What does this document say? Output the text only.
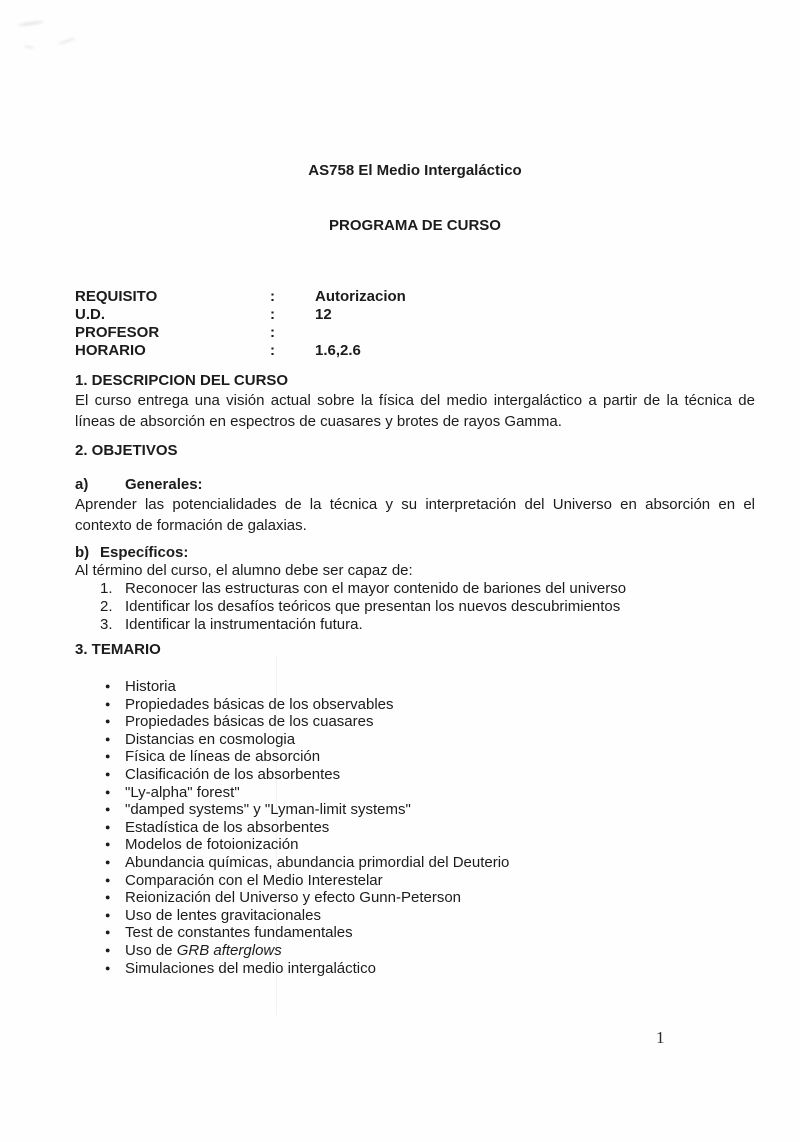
AS758 El Medio Intergaláctico
PROGRAMA DE CURSO
REQUISITO	:	Autorizacion
U.D.	:	12
PROFESOR	:
HORARIO	:	1.6,2.6
1. DESCRIPCION DEL CURSO

El curso entrega una visión actual sobre la física del medio intergaláctico a partir de la técnica de líneas de absorción en espectros de cuasares y brotes de rayos Gamma.

2. OBJETIVOS
a)	Generales:

Aprender las potencialidades de la técnica y su interpretación del Universo en absorción en el contexto de formación de galaxias.

b) Específicos:
Al término del curso, el alumno debe ser capaz de:
1. Reconocer las estructuras con el mayor contenido de bariones del universo
2. Identificar los desafíos teóricos que presentan los nuevos descubrimientos
3. Identificar la instrumentación futura.
3. TEMARIO
● Historia
● Propiedades básicas de los observables
● Propiedades básicas de los cuasares
● Distancias en cosmologia
● Física de líneas de absorción
● Clasificación de los absorbentes
● "Ly-alpha" forest"
● "damped systems" y "Lyman-limit systems"
● Estadística de los absorbentes
● Modelos de fotoionización
● Abundancia químicas, abundancia primordial del Deuterio
● Comparación con el Medio Interestelar
● Reionización del Universo y efecto Gunn-Peterson
● Uso de lentes gravitacionales
● Test de constantes fundamentales
● Uso de GRB afterglows
● Simulaciones del medio intergaláctico
1
